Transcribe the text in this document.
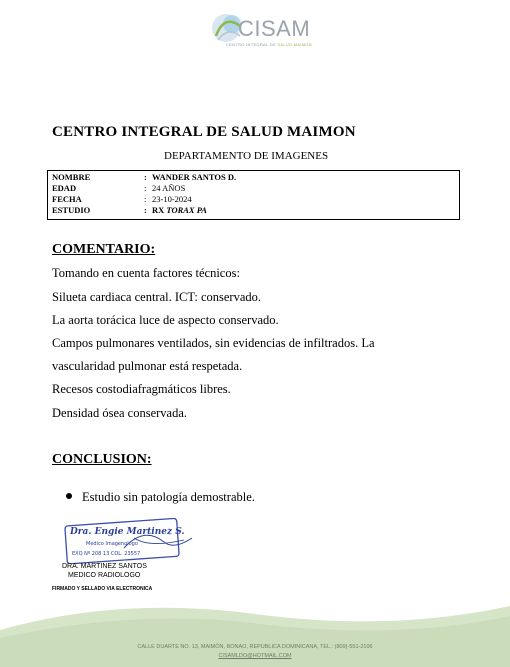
CISAM
CENTRO INTEGRAL DE SALUD MAIMON
CENTRO INTEGRAL DE SALUD MAIMON
DEPARTAMENTO DE IMAGENES
NOMBRE	: WANDER SANTOS D.
EDAD	: 24 AÑOS
FECHA	: 23-10-2024
ESTUDIO	: RX TORAX PA
COMENTARIO:
Tomando en cuenta factores técnicos:
Silueta cardiaca central. ICT: conservado.
La aorta torácica luce de aspecto conservado.
Campos pulmonares ventilados, sin evidencias de infiltrados. La
vascularidad pulmonar está respetada.
Recesos costodiafragmáticos libres.
Densidad ósea conservada.
CONCLUSION:
Estudio sin patología demostrable.
Dra. Engie Martinez S.
Medico Imagenologo
EXQ Nº 208 13 COL. 23557
DRA. MARTINEZ SANTOS
MEDICO RADIOLOGO
FIRMADO Y SELLADO VIA ELECTRONICA
CALLE DUARTE NO. 13, MAIMÓN, BONAO, REPUBLICA DOMINICANA, TEL.: (809)-551-2106
CISAMLDO@HOTMAIL.COM
